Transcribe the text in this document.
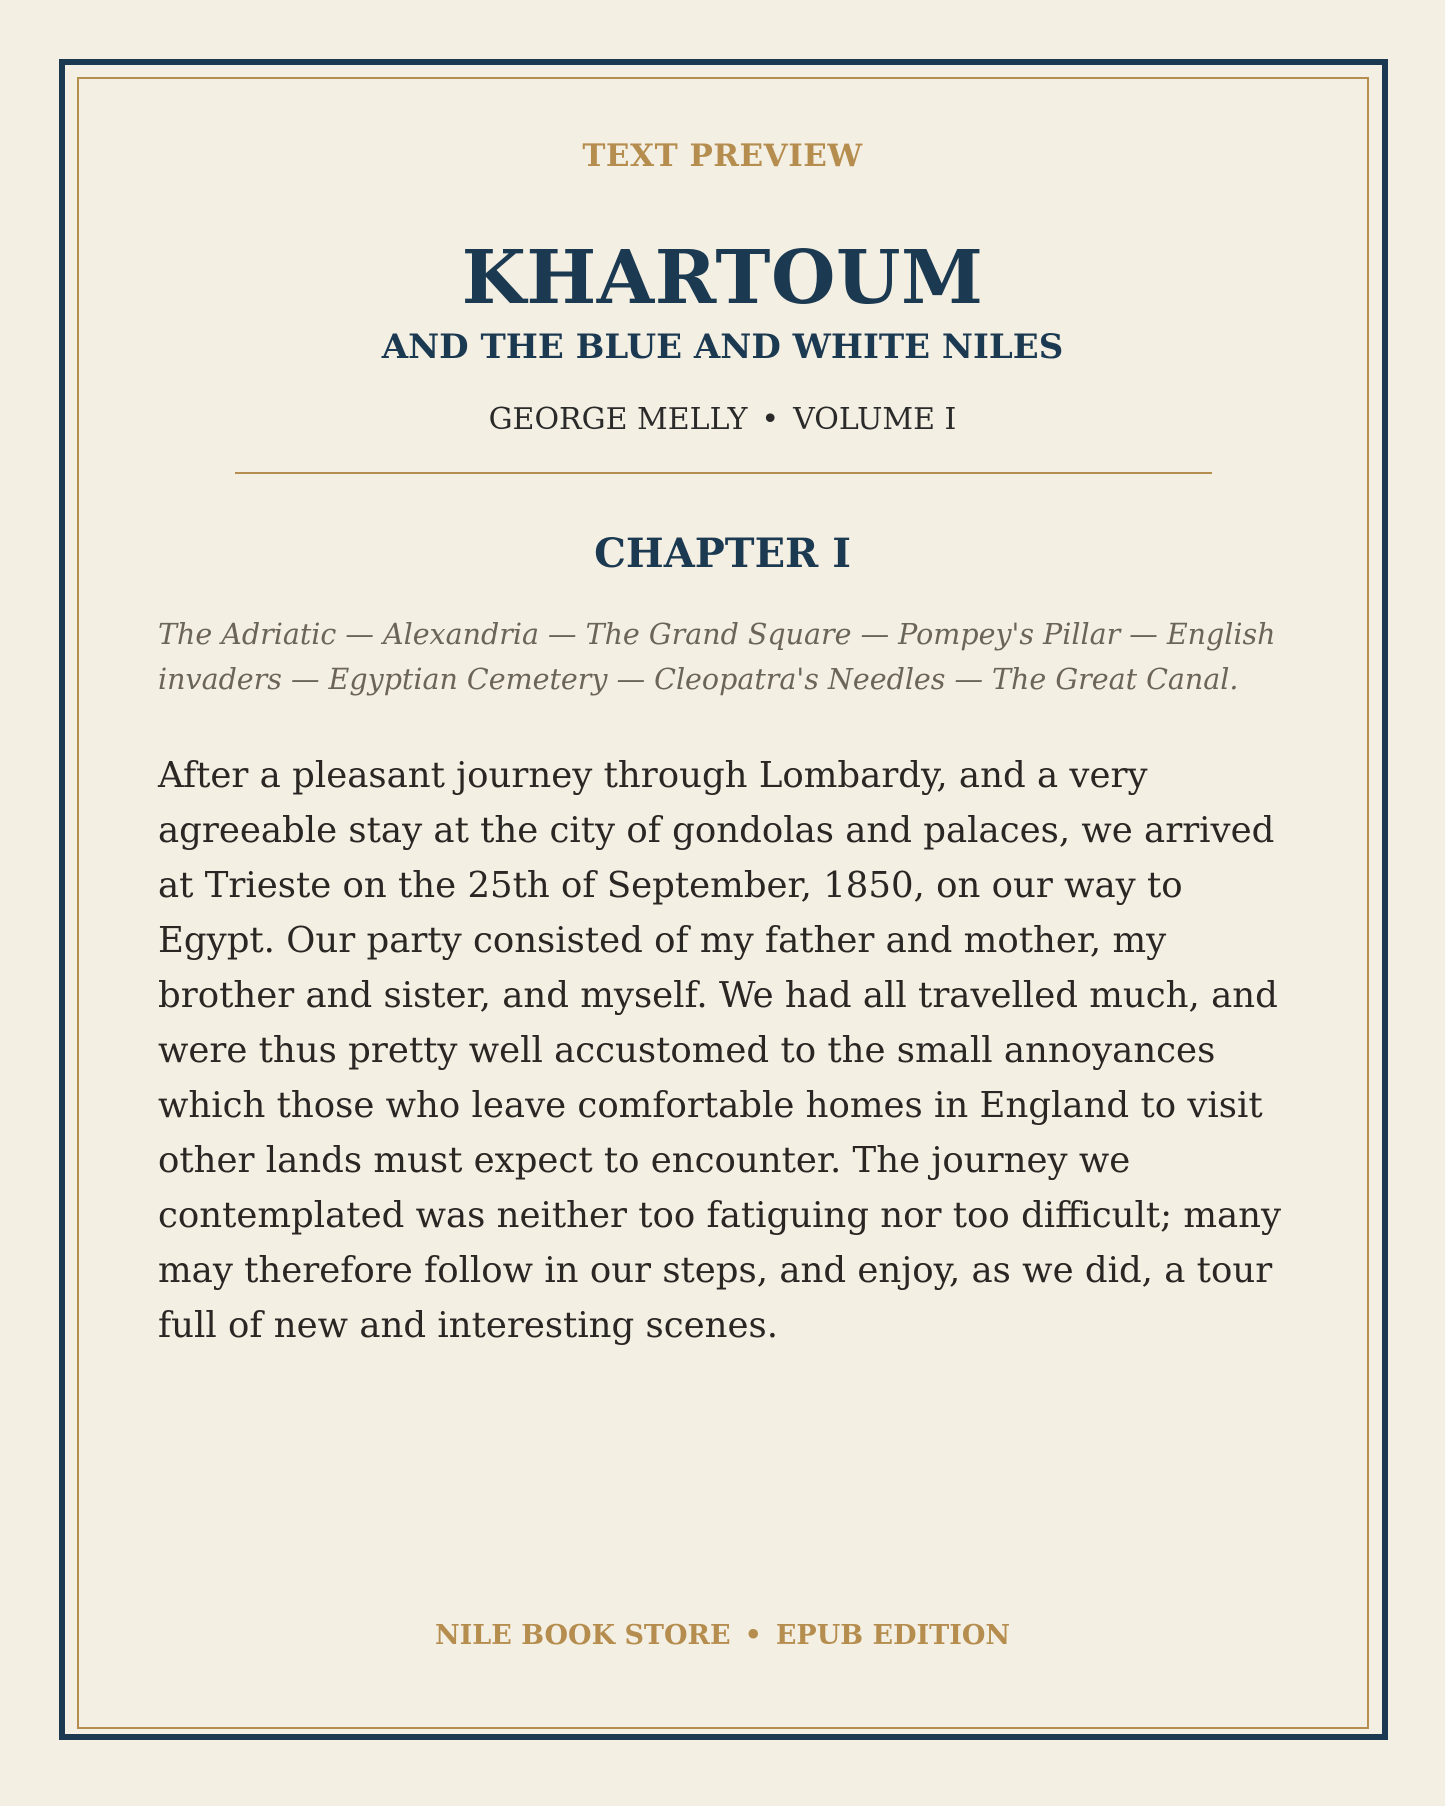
TEXT PREVIEW
KHARTOUM
AND THE BLUE AND WHITE NILES
GEORGE MELLY • VOLUME I
CHAPTER I
The Adriatic — Alexandria — The Grand Square — Pompey's Pillar — English invaders — Egyptian Cemetery — Cleopatra's Needles — The Great Canal.
After a pleasant journey through Lombardy, and a very agreeable stay at the city of gondolas and palaces, we arrived at Trieste on the 25th of September, 1850, on our way to Egypt. Our party consisted of my father and mother, my brother and sister, and myself. We had all travelled much, and were thus pretty well accustomed to the small annoyances which those who leave comfortable homes in England to visit other lands must expect to encounter. The journey we contemplated was neither too fatiguing nor too difficult; many may therefore follow in our steps, and enjoy, as we did, a tour full of new and interesting scenes.
NILE BOOK STORE • EPUB EDITION
